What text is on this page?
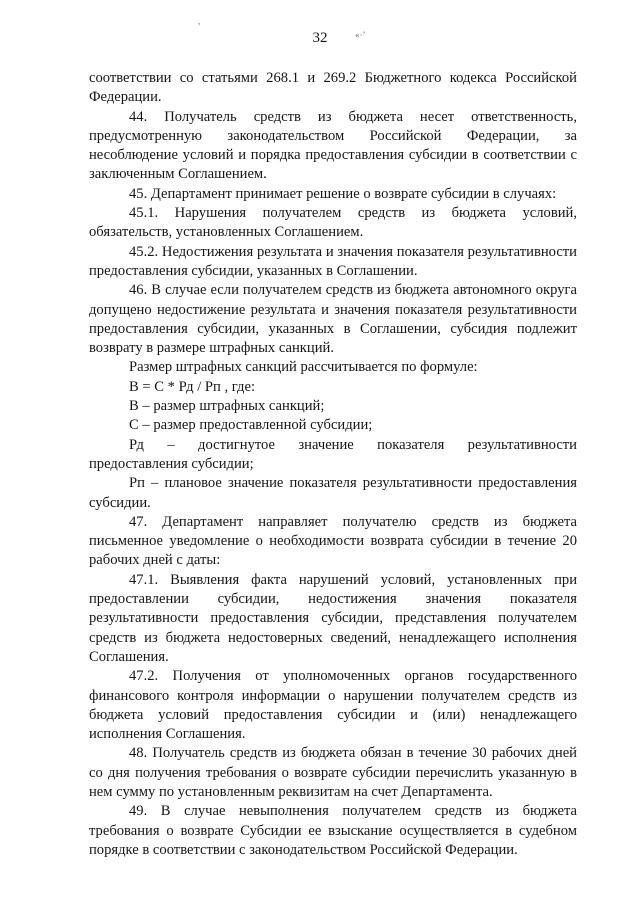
,
32	«·’

соответствии со статьями 268.1 и 269.2 Бюджетного кодекса Российской Федерации.

44. Получатель средств из бюджета несет ответственность, предусмотренную законодательством Российской Федерации, за несоблюдение условий и порядка предоставления субсидии в соответствии с заключенным Соглашением.

45. Департамент принимает решение о возврате субсидии в случаях:

45.1. Нарушения получателем средств из бюджета условий, обязательств, установленных Соглашением.

45.2. Недостижения результата и значения показателя результативности предоставления субсидии, указанных в Соглашении.

46. В случае если получателем средств из бюджета автономного округа допущено недостижение результата и значения показателя результативности предоставления субсидии, указанных в Соглашении, субсидия подлежит возврату в размере штрафных санкций.

Размер штрафных санкций рассчитывается по формуле:

В = С * Рд / Рп , где:

В – размер штрафных санкций;

С – размер предоставленной субсидии;

Рд – достигнутое значение показателя результативности предоставления субсидии;

Рп – плановое значение показателя результативности предоставления субсидии.

47. Департамент направляет получателю средств из бюджета письменное уведомление о необходимости возврата субсидии в течение 20 рабочих дней с даты:

47.1. Выявления факта нарушений условий, установленных при предоставлении субсидии, недостижения значения показателя результативности предоставления субсидии, представления получателем средств из бюджета недостоверных сведений, ненадлежащего исполнения Соглашения.

47.2. Получения от уполномоченных органов государственного финансового контроля информации о нарушении получателем средств из бюджета условий предоставления субсидии и (или) ненадлежащего исполнения Соглашения.

48. Получатель средств из бюджета обязан в течение 30 рабочих дней со дня получения требования о возврате субсидии перечислить указанную в нем сумму по установленным реквизитам на счет Департамента.

49. В случае невыполнения получателем средств из бюджета требования о возврате Субсидии ее взыскание осуществляется в судебном порядке в соответствии с законодательством Российской Федерации.
